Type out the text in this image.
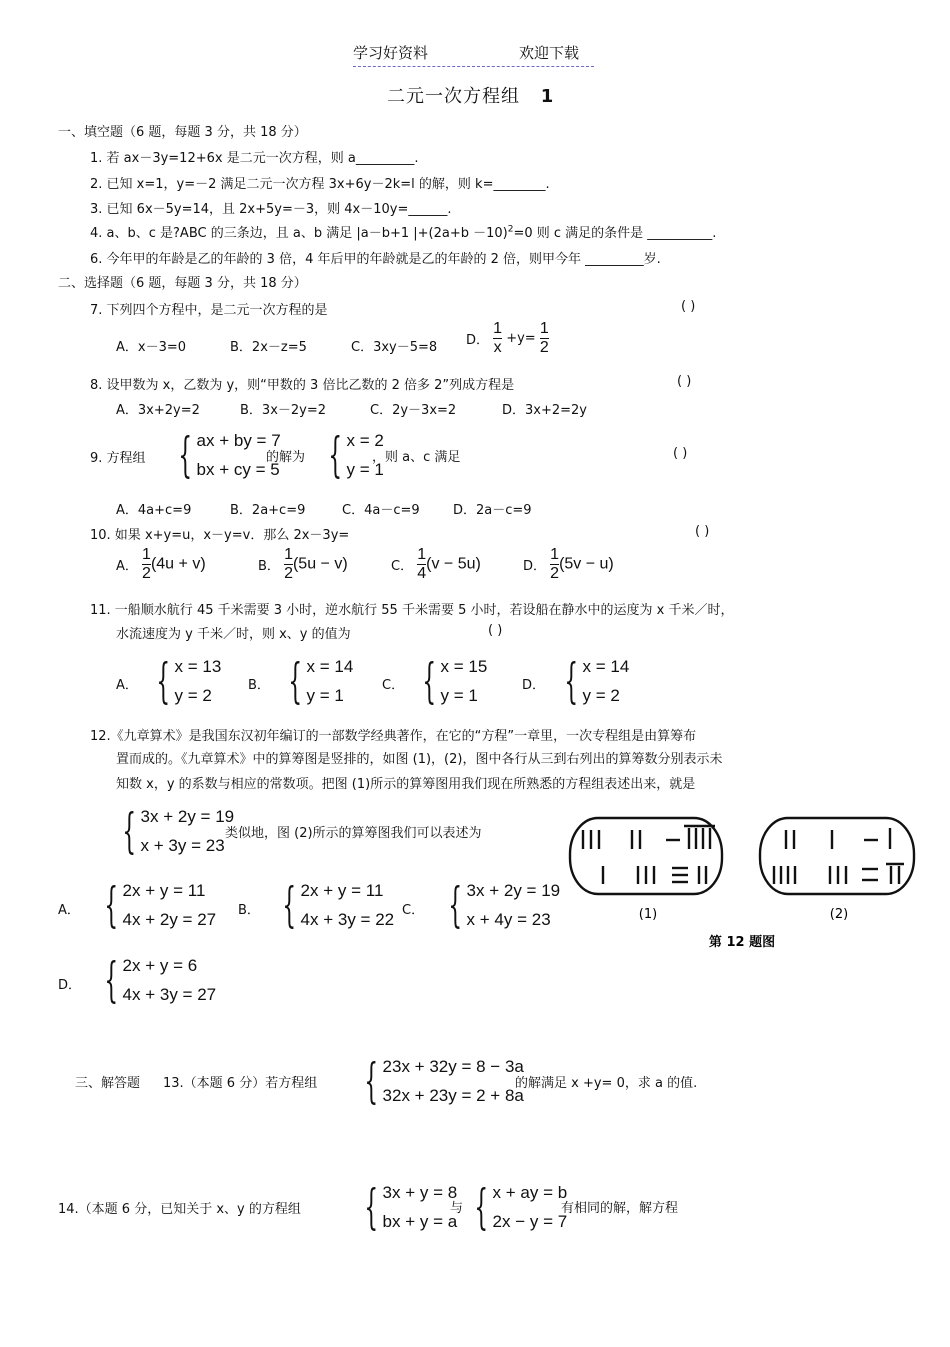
学习好资料	欢迎下载
二元一次方程组 1
一、填空题（6 题，每题 3 分，共 18 分）
1. 若 ax－3y=12+6x 是二元一次方程，则 a_________.
2. 已知 x=1，y=－2 满足二元一次方程 3x+6y－2k=l 的解，则 k=________.
3. 已知 6x－5y=14，且 2x+5y=－3，则 4x－10y=______.
4. a、b、c 是?ABC 的三条边，且 a、b 满足 |a－b+1 $|+(2a+b -10)^2=0$ 则 c 满足的条件是 __________.
6. 今年甲的年龄是乙的年龄的 3 倍，4 年后甲的年龄就是乙的年龄的 2 倍，则甲今年 _________岁.
二、选择题（6 题，每题 3 分，共 18 分）
7. 下列四个方程中，是二元一次方程的是	( )
A．x－3=0	B．2x－z=5	C．3xy－5=8 D． $\frac{1}{x} +y= \frac{1}{2}$
8. 设甲数为 x，乙数为 y，则“甲数的 3 倍比乙数的 2 倍多 2”列成方程是	( )
A．3x+2y=2	B．3x－2y=2	C．2y－3x=2	D．3x+2=2y
9. 方程组 { ax + by = 7
bx + cy = 5
的解为 { x = 2
y = 1
，则 a、c 满足	( )
A．4a+c=9	B．2a+c=9	C．4a－c=9	D．2a－c=9
10. 如果 x+y=u，x－y=v．那么 2x－3y=	( )
A． $\frac{1}{2} (4u + v)$	B． $\frac{1}{2} (5u - v)$	C． $\frac{1}{4} (v - 5u)$	D． $\frac{1}{2} (5v - u)$
11. 一船顺水航行 45 千米需要 3 小时，逆水航行 55 千米需要 5 小时，若设船在静水中的运度为 x 千米／时，
水流速度为 y 千米／时，则 x、y 的值为	( )
A． { x = 13
y = 2
B． { x = 14
y = 1
C． { x = 15
y = 1
D． { x = 14
y = 2
12.《九章算术》是我国东汉初年编订的一部数学经典著作，在它的“方程”一章里，一次专程组是由算筹布
置而成的。《九章算术》中的算筹图是竖排的，如图 (1)，(2)，图中各行从三到右列出的算筹数分别表示未
知数 x，y 的系数与相应的常数项。把图 (1)所示的算筹图用我们现在所熟悉的方程组表述出来，就是
{ 3x + 2y = 19
x + 3y = 23
类似地，图 (2)所示的算筹图我们可以表述为
A． { 2x + y = 11
4x + 2y = 27 B． { 2x + y = 11
4x + 3y = 22 C． { 3x + 2y = 19
x + 4y = 23
D． { 2x + y = 6
4x + 3y = 27
(1)	(2)
第 12 题图
三、解答题 13.（本题 6 分）若方程组 { 23x + 32y = 8 − 3a
32x + 23y = 2 + 8a
的解满足 x +y= 0，求 a 的值.
14.（本题 6 分，已知关于 x、y 的方程组 { 3x + y = 8
bx + y = a
与 { x + ay = b
2x − y = 7
有相同的解，解方程
